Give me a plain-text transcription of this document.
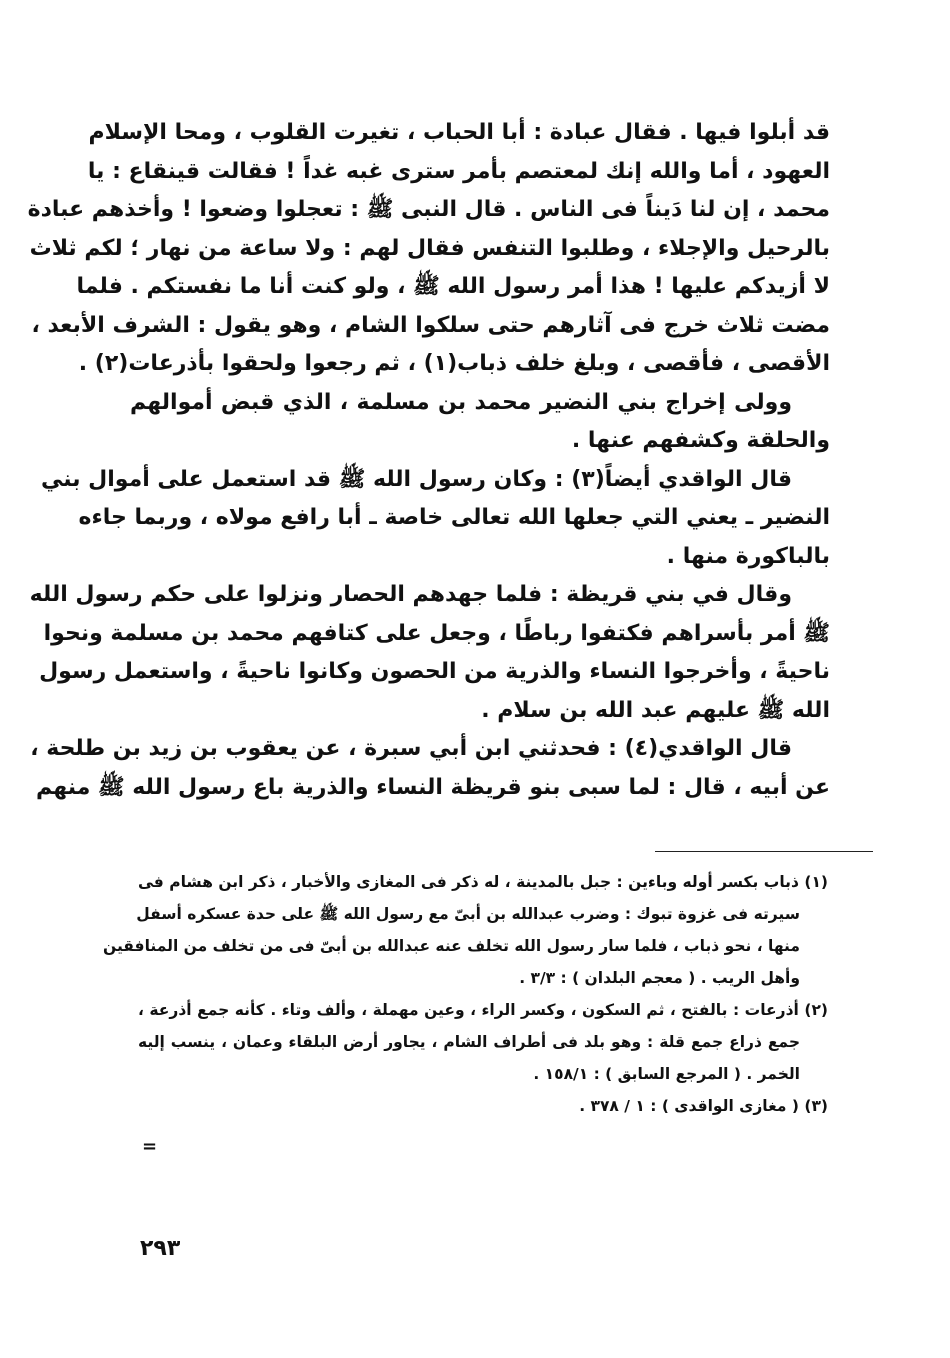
قد أبلوا فيها . فقال عبادة : أبا الحباب ، تغيرت القلوب ، ومحا الإسلام
العهود ، أما والله إنك لمعتصم بأمر سترى غبه غداً ! فقالت قينقاع : يا
محمد ، إن لنا دَيناً فى الناس . قال النبى ﷺ : تعجلوا وضعوا ! وأخذهم عبادة
بالرحيل والإجلاء ، وطلبوا التنفس فقال لهم : ولا ساعة من نهار ؛ لكم ثلاث
لا أزيدكم عليها ! هذا أمر رسول الله ﷺ ، ولو كنت أنا ما نفستكم . فلما
مضت ثلاث خرج فى آثارهم حتى سلكوا الشام ، وهو يقول : الشرف الأبعد ،
الأقصى ، فأقصى ، وبلغ خلف ذباب(١) ، ثم رجعوا ولحقوا بأذرعات(٢) .
وولى إخراج بني النضير محمد بن مسلمة ، الذي قبض أموالهم
والحلقة وكشفهم عنها .
قال الواقدي أيضاً(٣) : وكان رسول الله ﷺ قد استعمل على أموال بني
النضير ـ يعني التي جعلها الله تعالى خاصة ـ أبا رافع مولاه ، وربما جاءه
بالباكورة منها .
وقال في بني قريظة : فلما جهدهم الحصار ونزلوا على حكم رسول الله
ﷺ أمر بأسراهم فكتفوا رباطًا ، وجعل على كتافهم محمد بن مسلمة ونحوا
ناحيةً ، وأخرجوا النساء والذرية من الحصون وكانوا ناحيةً ، واستعمل رسول
الله ﷺ عليهم عبد الله بن سلام .
قال الواقدي(٤) : فحدثني ابن أبي سبرة ، عن يعقوب بن زيد بن طلحة ،
عن أبيه ، قال : لما سبى بنو قريظة النساء والذرية باع رسول الله ﷺ منهم
(١) ذباب بكسر أوله وباءين : جبل بالمدينة ، له ذكر فى المغازى والأخبار ، ذكر ابن هشام فى
سيرته فى غزوة تبوك : وضرب عبدالله بن أبىّ مع رسول الله ﷺ على حدة عسكره أسفل
منها ، نحو ذباب ، فلما سار رسول الله تخلف عنه عبدالله بن أبىّ فى من تخلف من المنافقين
وأهل الريب . ( معجم البلدان ) : ٣/٣ .
(٢) أذرعات : بالفتح ، ثم السكون ، وكسر الراء ، وعين مهملة ، وألف وتاء . كأنه جمع أذرعة ،
جمع ذراع جمع قلة : وهو بلد فى أطراف الشام ، يجاور أرض البلقاء وعمان ، ينسب إليه
الخمر . ( المرجع السابق ) : ١٥٨/١ .
(٣) ( مغازى الواقدى ) : ١ / ٣٧٨ .
=
٢٩٣
